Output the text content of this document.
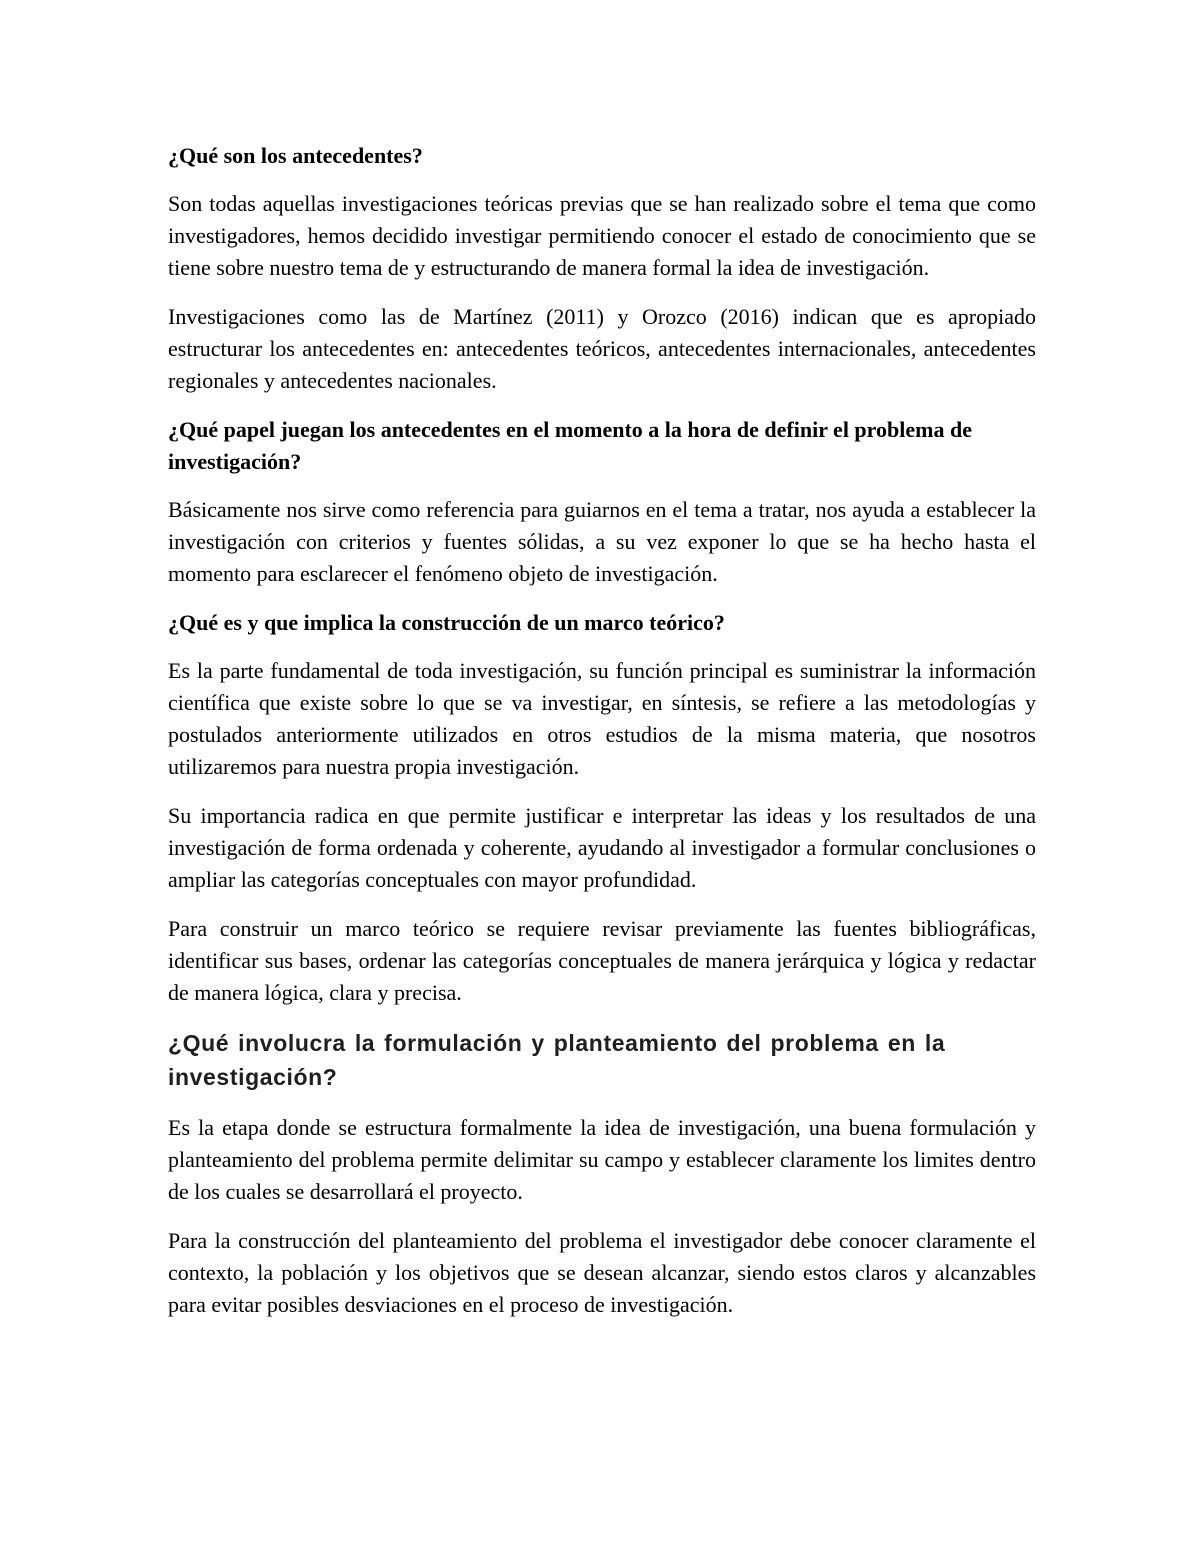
¿Qué son los antecedentes?

Son todas aquellas investigaciones teóricas previas que se han realizado sobre el tema que como investigadores, hemos decidido investigar permitiendo conocer el estado de conocimiento que se tiene sobre nuestro tema de y estructurando de manera formal la idea de investigación.

Investigaciones como las de Martínez (2011) y Orozco (2016) indican que es apropiado estructurar los antecedentes en: antecedentes teóricos, antecedentes internacionales, antecedentes regionales y antecedentes nacionales.

¿Qué papel juegan los antecedentes en el momento a la hora de definir el problema de investigación?

Básicamente nos sirve como referencia para guiarnos en el tema a tratar, nos ayuda a establecer la investigación con criterios y fuentes sólidas, a su vez exponer lo que se ha hecho hasta el momento para esclarecer el fenómeno objeto de investigación.

¿Qué es y que implica la construcción de un marco teórico?

Es la parte fundamental de toda investigación, su función principal es suministrar la información científica que existe sobre lo que se va investigar, en síntesis, se refiere a las metodologías y postulados anteriormente utilizados en otros estudios de la misma materia, que nosotros utilizaremos para nuestra propia investigación.

Su importancia radica en que permite justificar e interpretar las ideas y los resultados de una investigación de forma ordenada y coherente, ayudando al investigador a formular conclusiones o ampliar las categorías conceptuales con mayor profundidad.

Para construir un marco teórico se requiere revisar previamente las fuentes bibliográficas, identificar sus bases, ordenar las categorías conceptuales de manera jerárquica y lógica y redactar de manera lógica, clara y precisa.

¿Qué involucra la formulación y planteamiento del problema en la investigación?

Es la etapa donde se estructura formalmente la idea de investigación, una buena formulación y planteamiento del problema permite delimitar su campo y establecer claramente los limites dentro de los cuales se desarrollará el proyecto.

Para la construcción del planteamiento del problema el investigador debe conocer claramente el contexto, la población y los objetivos que se desean alcanzar, siendo estos claros y alcanzables para evitar posibles desviaciones en el proceso de investigación.
